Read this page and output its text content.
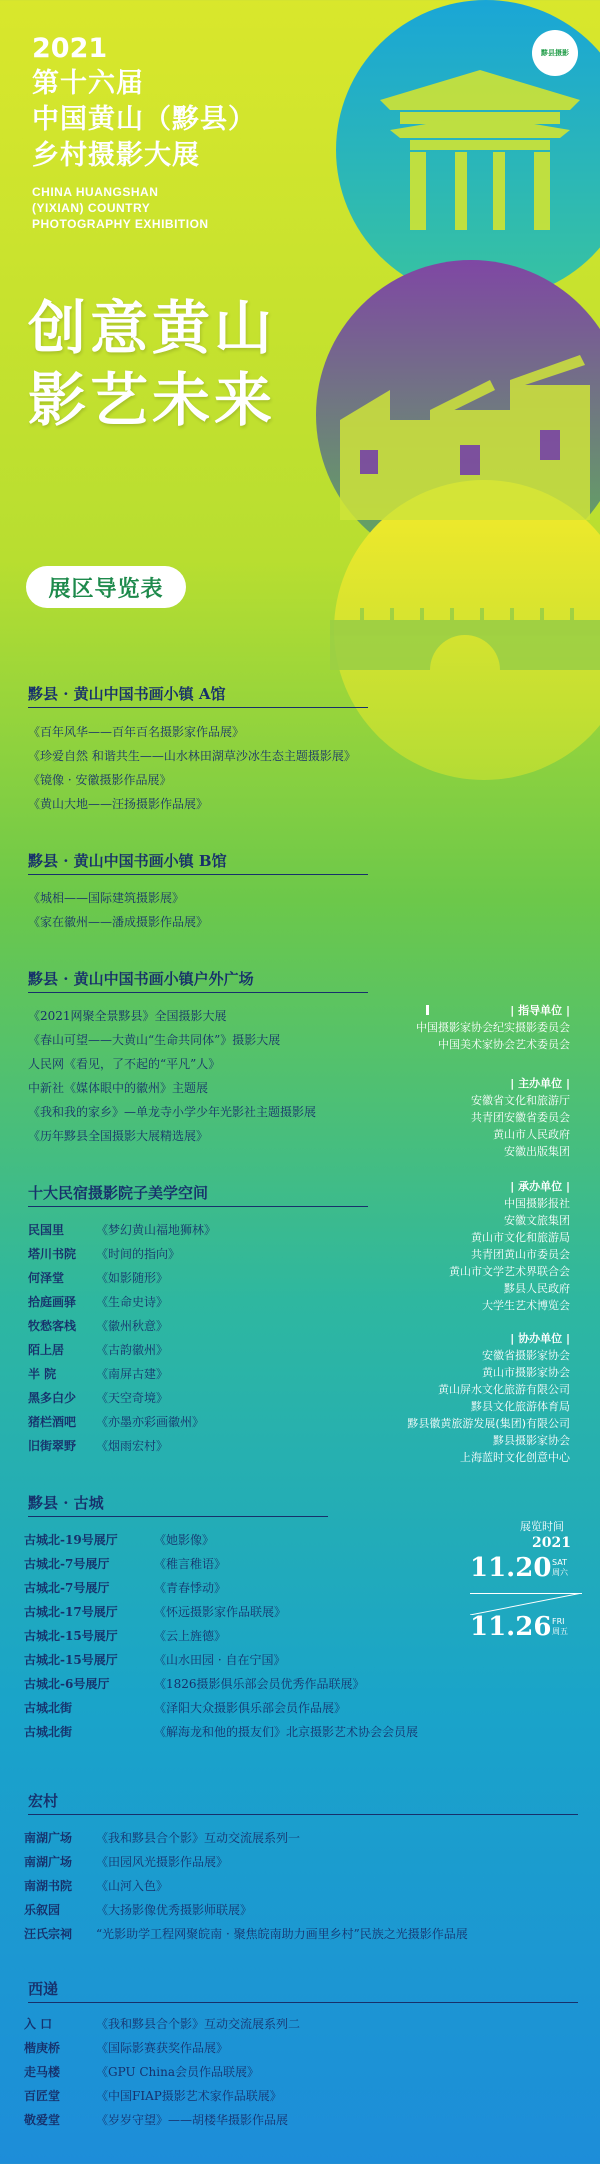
2021
第十六届
中国黄山（黟县）
乡村摄影大展
CHINA HUANGSHAN
(YIXIAN) COUNTRY
PHOTOGRAPHY EXHIBITION
黟县摄影
创意黄山
影艺未来
展区导览表
黟县 · 黄山中国书画小镇 A馆
《百年风华——百年百名摄影家作品展》
《珍爱自然 和谐共生——山水林田湖草沙冰生态主题摄影展》
《镜像 · 安徽摄影作品展》
《黄山大地——汪扬摄影作品展》
黟县 · 黄山中国书画小镇 B馆
《城相——国际建筑摄影展》
《家在徽州——潘成摄影作品展》
黟县 · 黄山中国书画小镇户外广场
《2021网聚全景黟县》全国摄影大展
《春山可望——大黄山“生命共同体”》摄影大展
人民网《看见，了不起的“平凡”人》
中新社《媒体眼中的徽州》主题展
《我和我的家乡》—单龙寺小学少年光影社主题摄影展
《历年黟县全国摄影大展精选展》
十大民宿摄影院子美学空间
民国里	《梦幻黄山福地狮林》
塔川书院 《时间的指向》
何泽堂	《如影随形》
拾庭画驿 《生命史诗》
牧愁客栈 《徽州秋意》
陌上居	《古韵徽州》
半 院	《南屏古建》
黑多白少 《天空奇境》
猪栏酒吧 《亦墨亦彩画徽州》
旧街翠野 《烟雨宏村》
| 指导单位 |
中国摄影家协会纪实摄影委员会
中国美术家协会艺术委员会
| 主办单位 |
安徽省文化和旅游厅
共青团安徽省委员会
黄山市人民政府
安徽出版集团
| 承办单位 |
中国摄影报社
安徽文旅集团
黄山市文化和旅游局
共青团黄山市委员会
黄山市文学艺术界联合会
黟县人民政府
大学生艺术博览会
| 协办单位 |
安徽省摄影家协会
黄山市摄影家协会
黄山屏水文化旅游有限公司
黟县文化旅游体育局
黟县徽黄旅游发展(集团)有限公司
黟县摄影家协会
上海蓝时文化创意中心
黟县 · 古城
古城北-19号展厅	《她影像》
古城北-7号展厅	《稚言稚语》
古城北-7号展厅	《青春悸动》
古城北-17号展厅	《怀远摄影家作品联展》
古城北-15号展厅	《云上旌德》
古城北-15号展厅	《山水田园 · 自在宁国》
古城北-6号展厅	《1826摄影俱乐部会员优秀作品联展》
古城北街	《泽阳大众摄影俱乐部会员作品展》
古城北街	《解海龙和他的摄友们》北京摄影艺术协会会员展
展览时间
2021
11.20 SAT
周六
11.26 FRI
周五
宏村
南湖广场 《我和黟县合个影》互动交流展系列一
南湖广场 《田园风光摄影作品展》
南湖书院 《山河入色》
乐叙园	《大扬影像优秀摄影师联展》
汪氏宗祠 “光影助学工程网聚皖南 · 聚焦皖南助力画里乡村”民族之光摄影作品展
西递
入 口	《我和黟县合个影》互动交流展系列二
楷庚桥	《国际影赛获奖作品展》
走马楼	《GPU China会员作品联展》
百匠堂	《中国FIAP摄影艺术家作品联展》
敬爱堂	《岁岁守望》——胡楼华摄影作品展
